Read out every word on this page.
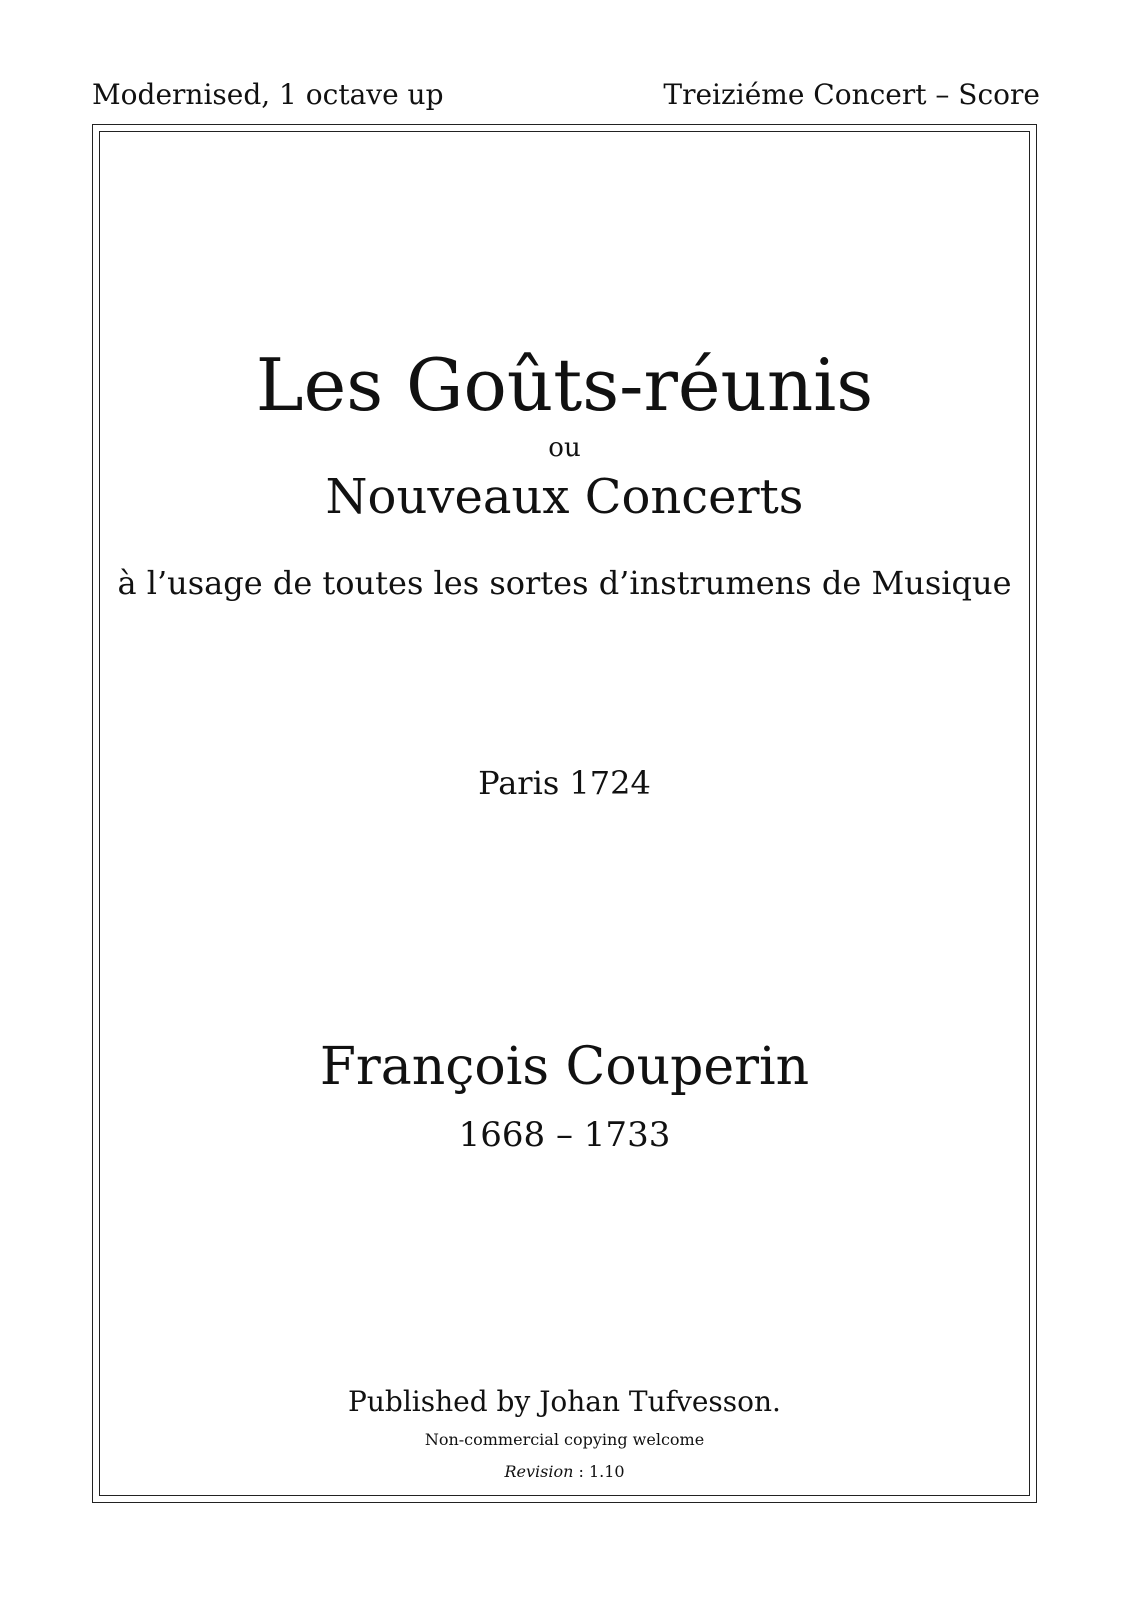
Modernised, 1 octave up	Treiziéme Concert – Score
Les Goûts-réunis
ou
Nouveaux Concerts
à l’usage de toutes les sortes d’instrumens de Musique
Paris 1724
François Couperin
1668 – 1733
Published by Johan Tufvesson.
Non-commercial copying welcome
Revision : 1.10
